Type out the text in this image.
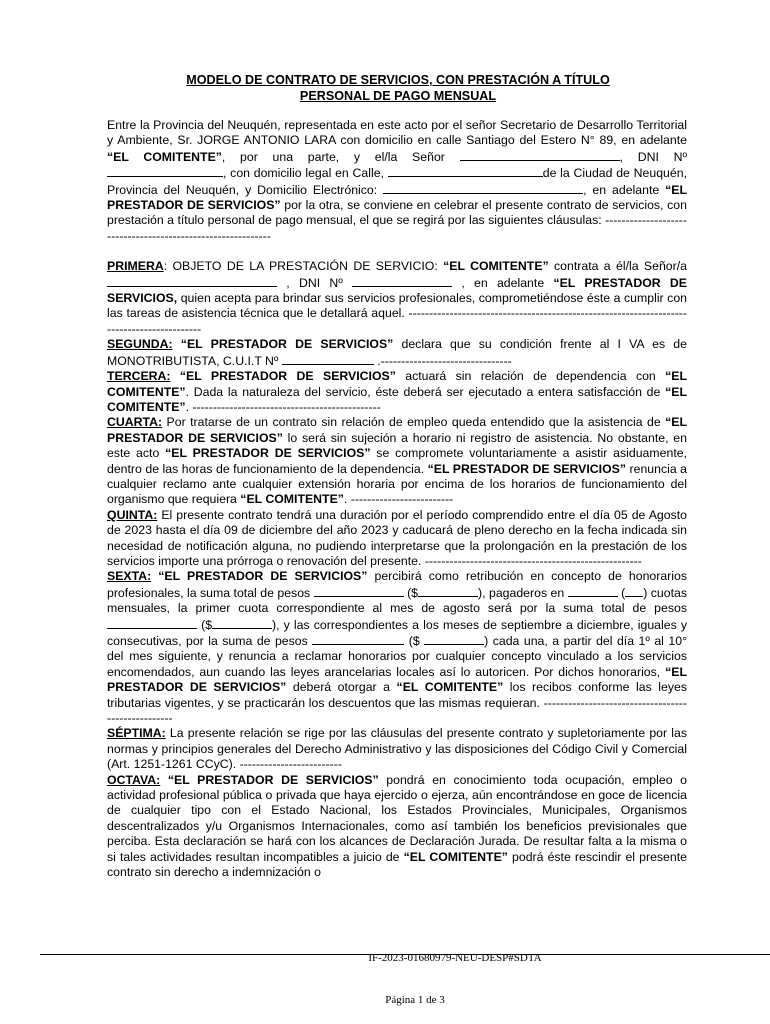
MODELO DE CONTRATO DE SERVICIOS, CON PRESTACIÓN A TÍTULO
PERSONAL DE PAGO MENSUAL

Entre la Provincia del Neuquén, representada en este acto por el señor Secretario de Desarrollo Territorial y Ambiente, Sr. JORGE ANTONIO LARA con domicilio en calle Santiago del Estero N° 89, en adelante “EL COMITENTE”, por una parte, y el/la Señor	, DNI Nº , con domicilio legal en Calle,	de la Ciudad de Neuquén, Provincia del Neuquén, y Domicilio Electrónico:	, en adelante “EL PRESTADOR DE SERVICIOS” por la otra, se conviene en celebrar el presente contrato de servicios, con prestación a título personal de pago mensual, el que se regirá por las siguientes cláusulas: ------------------------------------------------------------

PRIMERA: OBJETO DE LA PRESTACIÓN DE SERVICIO: “EL COMITENTE” contrata a él/la Señor/a  , DNI Nº	, en adelante “EL PRESTADOR DE SERVICIOS, quien acepta para brindar sus servicios profesionales, comprometiéndose éste a cumplir con las tareas de asistencia técnica que le detallará aquel. -------------------------------------------------------------------------------------------

SEGUNDA: “EL PRESTADOR DE SERVICIOS” declara que su condición frente al I VA es de MONOTRIBUTISTA, C.U.I.T Nº	.--------------------------------

TERCERA: “EL PRESTADOR DE SERVICIOS” actuará sin relación de dependencia con “EL COMITENTE”. Dada la naturaleza del servicio, éste deberá ser ejecutado a entera satisfacción de “EL COMITENTE”. ----------------------------------------------

CUARTA: Por tratarse de un contrato sin relación de empleo queda entendido que la asistencia de “EL PRESTADOR DE SERVICIOS” lo será sin sujeción a horario ni registro de asistencia. No obstante, en este acto “EL PRESTADOR DE SERVICIOS” se compromete voluntariamente a asistir asiduamente, dentro de las horas de funcionamiento de la dependencia. “EL PRESTADOR DE SERVICIOS” renuncia a cualquier reclamo ante cualquier extensión horaria por encima de los horarios de funcionamiento del organismo que requiera “EL COMITENTE”. -------------------------

QUINTA: El presente contrato tendrá una duración por el período comprendido entre el día 05 de Agosto de 2023 hasta el día 09 de diciembre del año 2023 y caducará de pleno derecho en la fecha indicada sin necesidad de notificación alguna, no pudiendo interpretarse que la prolongación en la prestación de los servicios importe una prórroga o renovación del presente. -----------------------------------------------------

SEXTA: “EL PRESTADOR DE SERVICIOS” percibirá como retribución en concepto de honorarios profesionales, la suma total de pesos	($	), pagaderos en	( ) cuotas mensuales, la primer cuota correspondiente al mes de agosto será por la suma total de pesos  ($	), y las correspondientes a los meses de septiembre a diciembre, iguales y consecutivas, por la suma de pesos	($	) cada una, a partir del día 1º al 10° del mes siguiente, y renuncia a reclamar honorarios por cualquier concepto vinculado a los servicios encomendados, aun cuando las leyes arancelarias locales así lo autoricen. Por dichos honorarios, “EL PRESTADOR DE SERVICIOS” deberá otorgar a “EL COMITENTE” los recibos conforme las leyes tributarias vigentes, y se practicarán los descuentos que las mismas requieran. ---------------------------------------------------

SÉPTIMA: La presente relación se rige por las cláusulas del presente contrato y supletoriamente por las normas y principios generales del Derecho Administrativo y las disposiciones del Código Civil y Comercial (Art. 1251-1261 CCyC). -------------------------

OCTAVA: “EL PRESTADOR DE SERVICIOS” pondrá en conocimiento toda ocupación, empleo o actividad profesional pública o privada que haya ejercido o ejerza, aún encontrándose en goce de licencia de cualquier tipo con el Estado Nacional, los Estados Provinciales, Municipales, Organismos descentralizados y/u Organismos Internacionales, como así también los beneficios previsionales que perciba. Esta declaración se hará con los alcances de Declaración Jurada. De resultar falta a la misma o si tales actividades resultan incompatibles a juicio de “EL COMITENTE” podrá éste rescindir el presente contrato sin derecho a indemnización o

IF-2023-01680979-NEU-DESP#SDTA
Página 1 de 3
